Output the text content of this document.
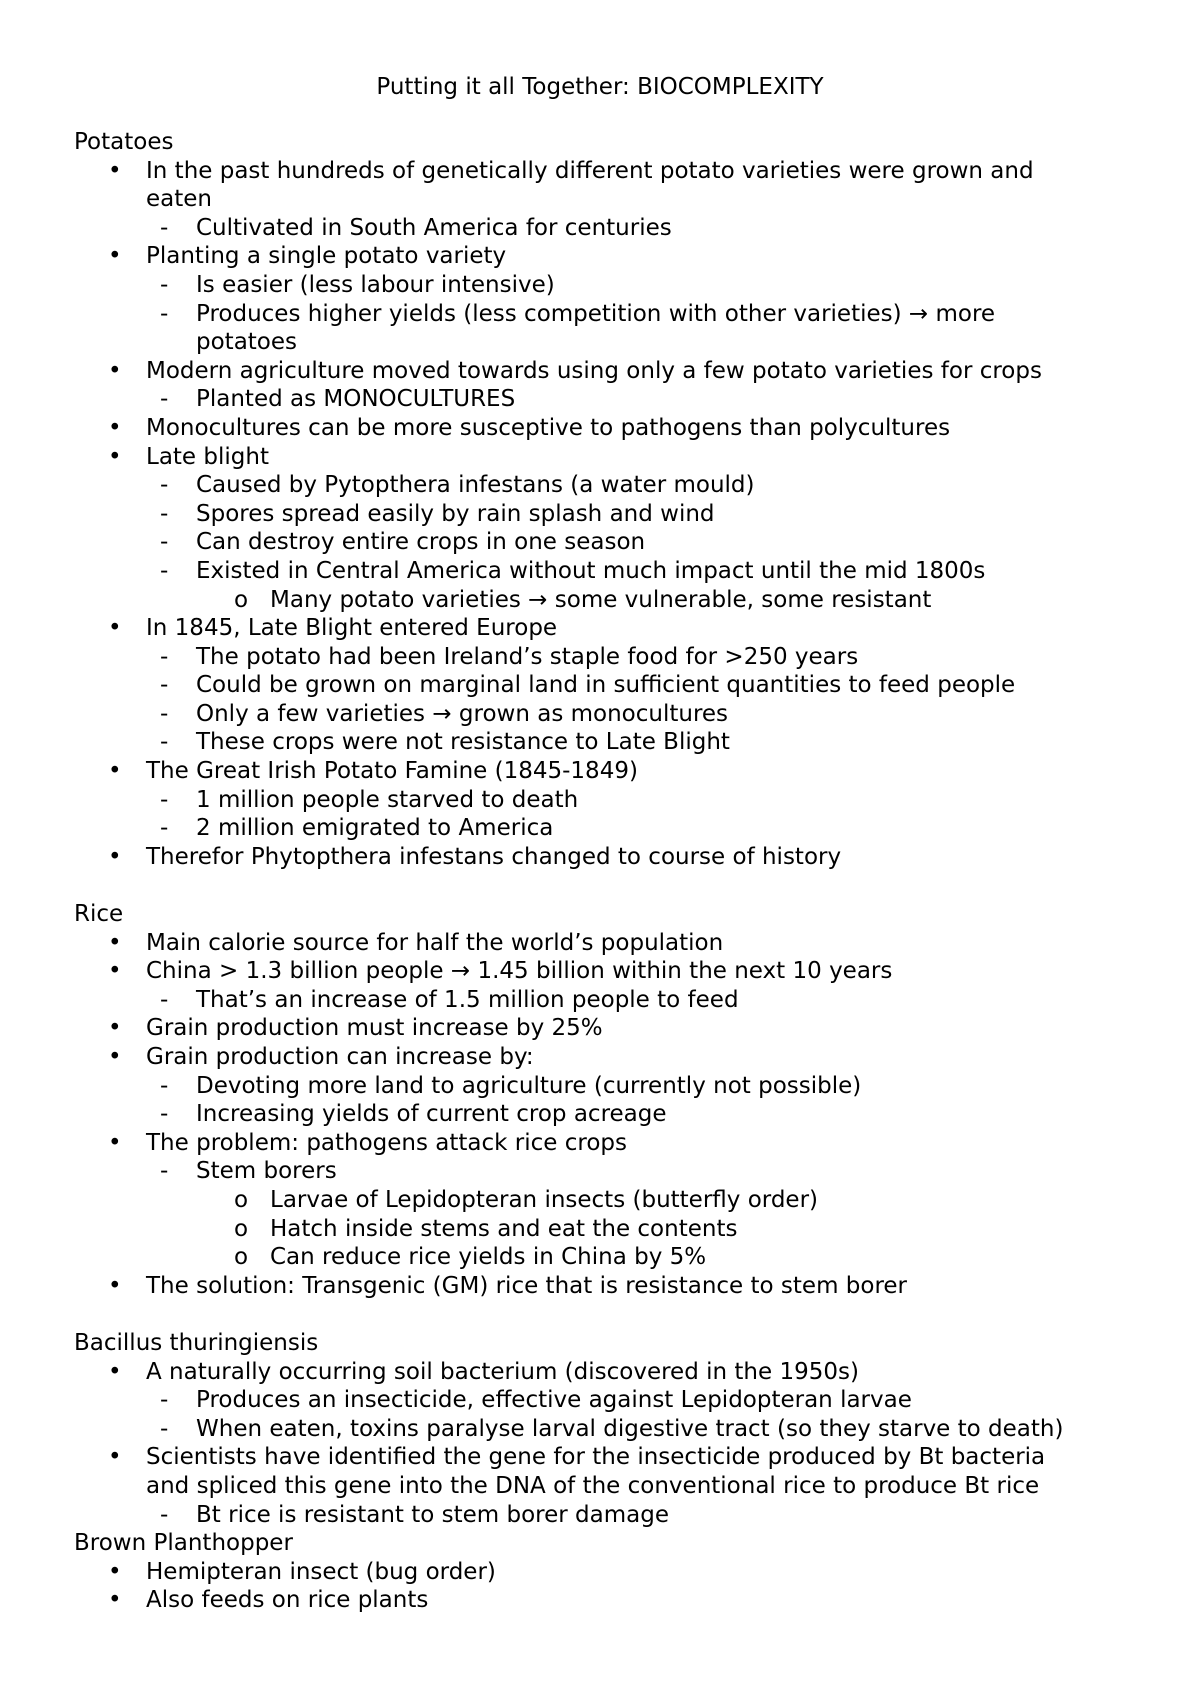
Putting it all Together: BIOCOMPLEXITY
Potatoes
• In the past hundreds of genetically different potato varieties were grown and
eaten
- Cultivated in South America for centuries
• Planting a single potato variety
- Is easier (less labour intensive)
- Produces higher yields (less competition with other varieties) → more
potatoes
• Modern agriculture moved towards using only a few potato varieties for crops
- Planted as MONOCULTURES
• Monocultures can be more susceptive to pathogens than polycultures
• Late blight
- Caused by Pytopthera infestans (a water mould)
- Spores spread easily by rain splash and wind
- Can destroy entire crops in one season
- Existed in Central America without much impact until the mid 1800s
o Many potato varieties → some vulnerable, some resistant
• In 1845, Late Blight entered Europe
- The potato had been Ireland’s staple food for >250 years
- Could be grown on marginal land in sufficient quantities to feed people
- Only a few varieties → grown as monocultures
- These crops were not resistance to Late Blight
• The Great Irish Potato Famine (1845-1849)
- 1 million people starved to death
- 2 million emigrated to America
• Therefor Phytopthera infestans changed to course of history
Rice
• Main calorie source for half the world’s population
• China > 1.3 billion people → 1.45 billion within the next 10 years
- That’s an increase of 1.5 million people to feed
• Grain production must increase by 25%
• Grain production can increase by:
- Devoting more land to agriculture (currently not possible)
- Increasing yields of current crop acreage
• The problem: pathogens attack rice crops
- Stem borers
o Larvae of Lepidopteran insects (butterfly order)
o Hatch inside stems and eat the contents
o Can reduce rice yields in China by 5%
• The solution: Transgenic (GM) rice that is resistance to stem borer
Bacillus thuringiensis
• A naturally occurring soil bacterium (discovered in the 1950s)
- Produces an insecticide, effective against Lepidopteran larvae
- When eaten, toxins paralyse larval digestive tract (so they starve to death)
• Scientists have identified the gene for the insecticide produced by Bt bacteria
and spliced this gene into the DNA of the conventional rice to produce Bt rice
- Bt rice is resistant to stem borer damage
Brown Planthopper
• Hemipteran insect (bug order)
• Also feeds on rice plants
